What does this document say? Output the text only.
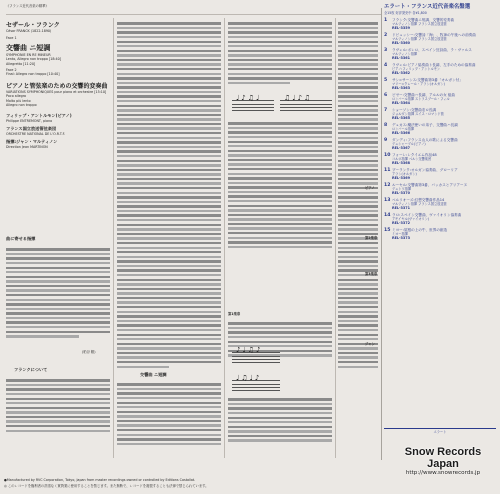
《フランス近代音楽の精華》
セザール・フランク
César FRANCK (1822-1890)
Face 1
交響曲 ニ短調
SYMPHONIE EN RE MINEUR
Lento, Allegro non troppo [18:40]
Allegretto [11:20]
Face 2
Final: Allegro non troppo [10:40]
ピアノと管弦楽のための交響的変奏曲
VARIATIONS SYMPHONIQUES pour piano et orchestre [15:10]
Poco allegro
Molto più lento
Allegro non troppo
フィリップ・アントルモン(ピアノ)
Philippe ENTREMONT, piano
フランス国立放送管弦楽団
ORCHESTRE NATIONAL DE L'O.R.T.F.
指揮:ジャン・マルティノン
Direction Jean MARTINON
曲に寄せる指揮
(粕谷 鶴)
フランクについて
交響曲 ニ短調
♩♪♫♩	♫♩♪♫
第1楽章
♪♩♫♪
♩♫♩♪
ピアノ
第2楽章
第3楽章
ジャン
エラート・フランス近代音楽名盤選
全15枚 好評発売中 各¥1,800
1	フランク:交響曲ニ短調、交響的変奏曲
マルティノン指揮 フランス国立放送管
REL-3359
2	ドビュッシー:交響詩「海」、牧神の午後への前奏曲
マルティノン指揮 フランス国立放送管
REL-3360
3	ラヴェル:ボレロ、スペイン狂詩曲、ラ・ヴァルス
マルティノン指揮
REL-3361
4	ラヴェル:ピアノ協奏曲ト長調、左手のための協奏曲
ピアノ:フィリップ・アントルモン
REL-3362
5	サン=サーンス:交響曲第3番「オルガン付」
マリー=クレール・アラン(オルガン)
REL-3363
6	ビゼー:交響曲ハ長調、アルルの女 組曲
ロンバール指揮 ストラスブール・フィル
REL-3364
7	ショーソン:交響曲変ロ長調
ジョルダン指揮 スイス・ロマンド管
REL-3365
8	デュカス:魔法使いの弟子、交響曲ハ長調
ロンバール指揮
REL-3366
9	ダンディ:フランス山人の歌による交響曲
デュシャーブル(ピアノ)
REL-3367
10 フォーレ:レクイエム作品48
コルボ指揮 ベルン交響楽団
REL-3368
11 プーランク:オルガン協奏曲、グローリア
アラン(オルガン)
REL-3369
12 ルーセル:交響曲第3番、バッカスとアリアーヌ
デュトワ指揮
REL-3370
13 ベルリオーズ:幻想交響曲作品14
マルティノン指揮 フランス国立放送管
REL-3371
14 ラロ:スペイン交響曲、ヴァイオリン協奏曲
アモイヤル(ヴァイオリン)
REL-3372
15 ミヨー:屋根の上の牛、世界の創造
ミヨー指揮
REL-3373
エラート
●Manufactured by RVC Corporation, Tokyo, Japan from master recordings owned or controlled by Editions Costallat.
◎ このレコードを権利者の許諾なく賃貸業に使用することを禁じます。また無断で、レコードを複製することも法律で禁じられています。
Snow Records Japan
http://www.snowrecords.jp
